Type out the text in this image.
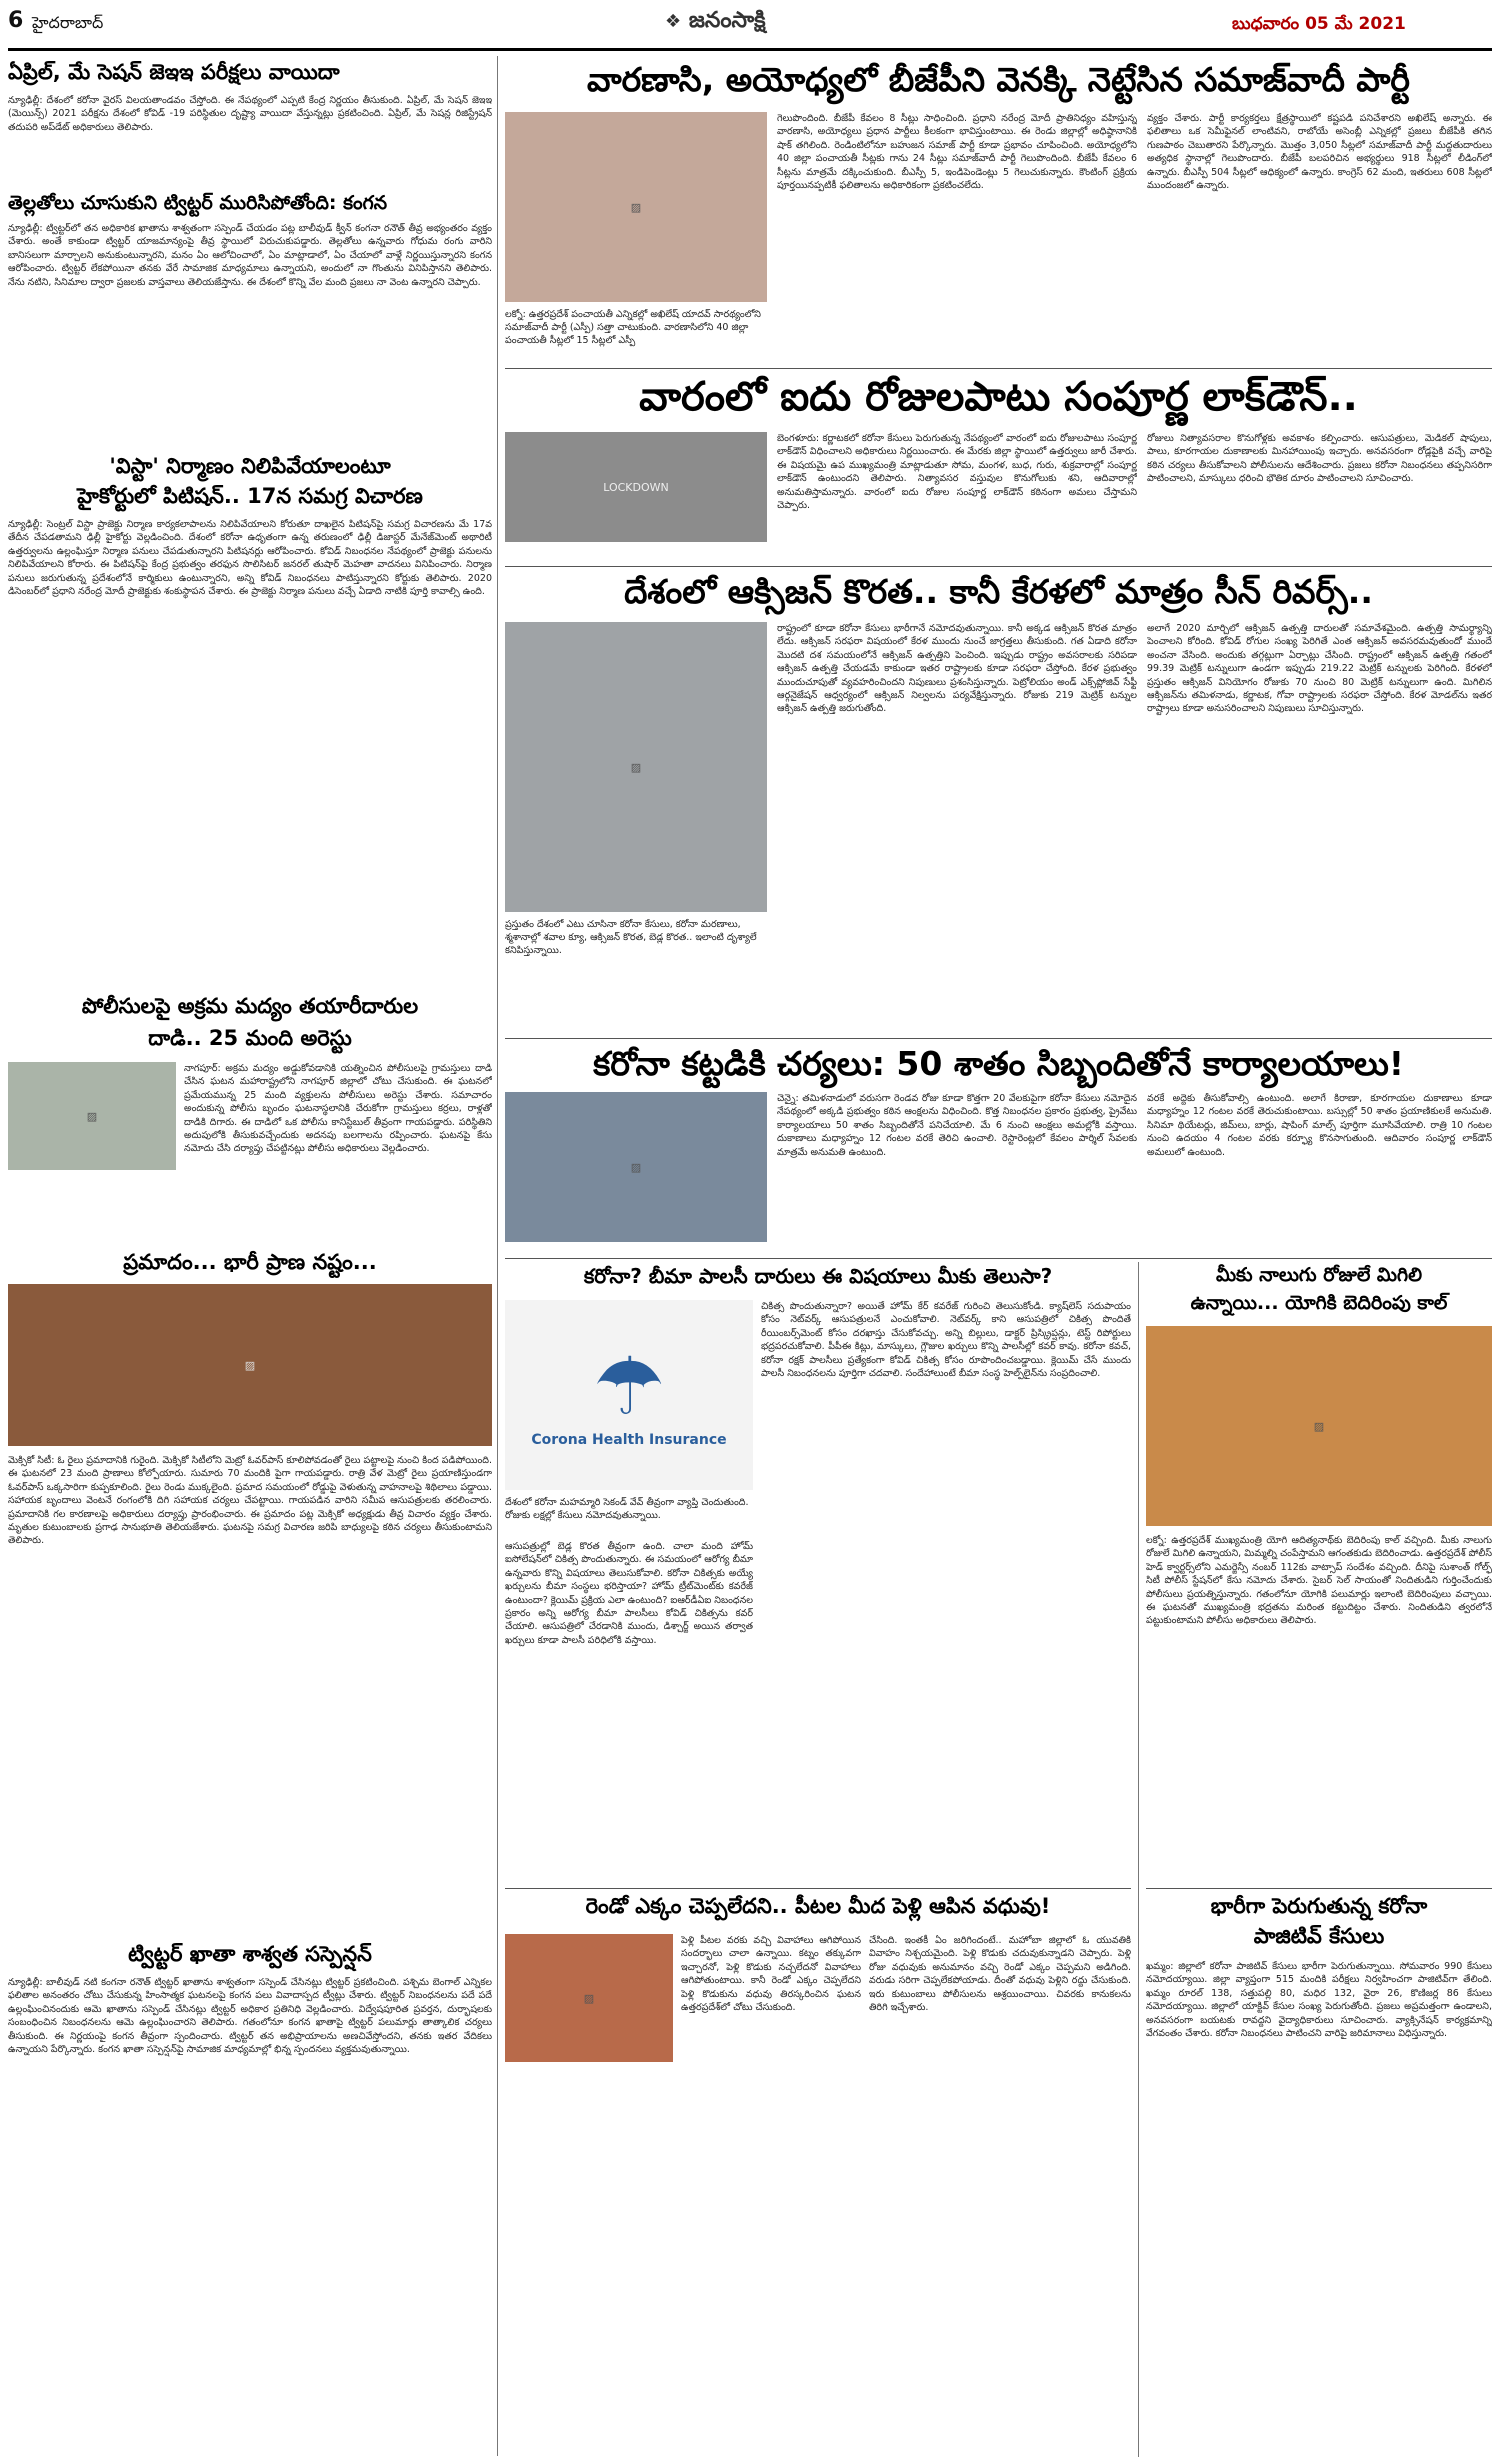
6 హైదరాబాద్	❖ జనంసాక్షి	బుధవారం 05 మే 2021
ఏప్రిల్‌, మే సెషన్‌ జెఇఇ పరీక్షలు వాయిదా
న్యూఢిల్లీ: దేశంలో కరోనా వైరస్‌ విలయతాండవం చేస్తోంది. ఈ నేపథ్యంలో ఎప్పటి కేంద్ర నిర్ణయం తీసుకుంది. ఏప్రిల్‌, మే సెషన్‌ జెఇఇ (మెయిన్స్‌) 2021 పరీక్షను దేశంలో కోవిడ్‌ -19 పరిస్థితుల దృష్ట్యా వాయిదా వేస్తున్నట్లు ప్రకటించింది. ఏప్రిల్‌, మే సెషన్ల రిజిస్ట్రేషన్ తదుపరి అప్‌డేట్‌ అధికారులు తెలిపారు.
తెల్లతోలు చూసుకుని ట్విట్టర్‌ మురిసిపోతోంది: కంగన
న్యూఢిల్లీ: ట్విట్టర్‌లో తన అధికారిక ఖాతాను శాశ్వతంగా సస్పెండ్‌ చేయడం పట్ల బాలీవుడ్‌ క్వీన్‌ కంగనా రనౌత్‌ తీవ్ర అభ్యంతరం వ్యక్తం చేశారు. అంతే కాకుండా ట్విట్టర్‌ యాజమాన్యంపై తీవ్ర స్థాయిలో విరుచుకుపడ్డారు. తెల్లతోలు ఉన్నవారు గోధుమ రంగు వారిని బానిసలుగా మార్చాలని అనుకుంటున్నారని, మనం ఏం ఆలోచించాలో, ఏం మాట్లాడాలో, ఏం చేయాలో వాళ్లే నిర్ణయిస్తున్నారని కంగన ఆరోపించారు. ట్విట్టర్‌ లేకపోయినా తనకు వేరే సామాజిక మాధ్యమాలు ఉన్నాయని, అందులో నా గొంతును వినిపిస్తానని తెలిపారు. నేను నటిని, సినిమాల ద్వారా ప్రజలకు వాస్తవాలు తెలియజేస్తాను. ఈ దేశంలో కొన్ని వేల మంది ప్రజలు నా వెంట ఉన్నారని చెప్పారు.
'విస్టా' నిర్మాణం నిలిపివేయాలంటూ
హైకోర్టులో పిటిషన్‌.. 17న సమగ్ర విచారణ
న్యూఢిల్లీ: సెంట్రల్‌ విస్టా ప్రాజెక్టు నిర్మాణ కార్యకలాపాలను నిలిపివేయాలని కోరుతూ దాఖలైన పిటిషన్‌పై సమగ్ర విచారణను మే 17వ తేదీన చేపడతామని ఢిల్లీ హైకోర్టు వెల్లడించింది. దేశంలో కరోనా ఉధృతంగా ఉన్న తరుణంలో ఢిల్లీ డిజాస్టర్‌ మేనేజ్‌మెంట్‌ అథారిటీ ఉత్తర్వులను ఉల్లంఘిస్తూ నిర్మాణ పనులు చేపడుతున్నారని పిటిషనర్లు ఆరోపించారు. కోవిడ్‌ నిబంధనల నేపథ్యంలో ప్రాజెక్టు పనులను నిలిపివేయాలని కోరారు. ఈ పిటిషన్‌పై కేంద్ర ప్రభుత్వం తరఫున సొలిసిటర్‌ జనరల్‌ తుషార్‌ మెహతా వాదనలు వినిపించారు. నిర్మాణ పనులు జరుగుతున్న ప్రదేశంలోనే కార్మికులు ఉంటున్నారని, అన్ని కోవిడ్‌ నిబంధనలు పాటిస్తున్నారని కోర్టుకు తెలిపారు. 2020 డిసెంబర్‌లో ప్రధాని నరేంద్ర మోదీ ప్రాజెక్టుకు శంకుస్థాపన చేశారు. ఈ ప్రాజెక్టు నిర్మాణ పనులు వచ్చే ఏడాది నాటికి పూర్తి కావాల్సి ఉంది.
పోలీసులపై అక్రమ మద్యం తయారీదారుల
దాడి.. 25 మంది అరెస్టు
▨
నాగపూర్‌: అక్రమ మద్యం అడ్డుకోవడానికి యత్నించిన పోలీసులపై గ్రామస్తులు దాడి చేసిన ఘటన మహారాష్ట్రలోని నాగపూర్‌ జిల్లాలో చోటు చేసుకుంది. ఈ ఘటనలో ప్రమేయమున్న 25 మంది వ్యక్తులను పోలీసులు అరెస్టు చేశారు. సమాచారం అందుకున్న పోలీసు బృందం ఘటనాస్థలానికి చేరుకోగా గ్రామస్తులు కర్రలు, రాళ్లతో దాడికి దిగారు. ఈ దాడిలో ఒక పోలీసు కానిస్టేబుల్‌ తీవ్రంగా గాయపడ్డారు. పరిస్థితిని అదుపులోకి తీసుకువచ్చేందుకు అదనపు బలగాలను రప్పించారు. ఘటనపై కేసు నమోదు చేసి దర్యాప్తు చేపట్టినట్లు పోలీసు అధికారులు వెల్లడించారు.
ప్రమాదం... భారీ ప్రాణ నష్టం...
▨
మెక్సికో సిటీ: ఓ రైలు ప్రమాదానికి గురైంది. మెక్సికో సిటీలోని మెట్రో ఓవర్‌పాస్‌ కూలిపోవడంతో రైలు పట్టాలపై నుంచి కింద పడిపోయింది. ఈ ఘటనలో 23 మంది ప్రాణాలు కోల్పోయారు. సుమారు 70 మందికి పైగా గాయపడ్డారు. రాత్రి వేళ మెట్రో రైలు ప్రయాణిస్తుండగా ఓవర్‌పాస్‌ ఒక్కసారిగా కుప్పకూలింది. రైలు రెండు ముక్కలైంది. ప్రమాద సమయంలో రోడ్డుపై వెళుతున్న వాహనాలపై శిథిలాలు పడ్డాయి. సహాయక బృందాలు వెంటనే రంగంలోకి దిగి సహాయక చర్యలు చేపట్టాయి. గాయపడిన వారిని సమీప ఆసుపత్రులకు తరలించారు. ప్రమాదానికి గల కారణాలపై అధికారులు దర్యాప్తు ప్రారంభించారు. ఈ ప్రమాదం పట్ల మెక్సికో అధ్యక్షుడు తీవ్ర విచారం వ్యక్తం చేశారు. మృతుల కుటుంబాలకు ప్రగాఢ సానుభూతి తెలియజేశారు. ఘటనపై సమగ్ర విచారణ జరిపి బాధ్యులపై కఠిన చర్యలు తీసుకుంటామని తెలిపారు.
ట్విట్టర్‌ ఖాతా శాశ్వత సస్పెన్షన్‌
న్యూఢిల్లీ: బాలీవుడ్‌ నటి కంగనా రనౌత్‌ ట్విట్టర్‌ ఖాతాను శాశ్వతంగా సస్పెండ్‌ చేసినట్లు ట్విట్టర్‌ ప్రకటించింది. పశ్చిమ బెంగాల్‌ ఎన్నికల ఫలితాల అనంతరం చోటు చేసుకున్న హింసాత్మక ఘటనలపై కంగన పలు వివాదాస్పద ట్వీట్లు చేశారు. ట్విట్టర్‌ నిబంధనలను పదే పదే ఉల్లంఘించినందుకు ఆమె ఖాతాను సస్పెండ్‌ చేసినట్లు ట్విట్టర్‌ అధికార ప్రతినిధి వెల్లడించారు. విద్వేషపూరిత ప్రవర్తన, దుర్భాషలకు సంబంధించిన నిబంధనలను ఆమె ఉల్లంఘించారని తెలిపారు. గతంలోనూ కంగన ఖాతాపై ట్విట్టర్‌ పలుమార్లు తాత్కాలిక చర్యలు తీసుకుంది. ఈ నిర్ణయంపై కంగన తీవ్రంగా స్పందించారు. ట్విట్టర్‌ తన అభిప్రాయాలను అణచివేస్తోందని, తనకు ఇతర వేదికలు ఉన్నాయని పేర్కొన్నారు. కంగన ఖాతా సస్పెన్షన్‌పై సామాజిక మాధ్యమాల్లో భిన్న స్పందనలు వ్యక్తమవుతున్నాయి.
వారణాసి, అయోధ్యలో బీజేపీని వెనక్కి నెట్టేసిన సమాజ్‌వాదీ పార్టీ
▨
లక్నో: ఉత్తరప్రదేశ్‌ పంచాయతీ ఎన్నికల్లో అఖిలేష్‌ యాదవ్‌ సారథ్యంలోని సమాజ్‌వాదీ పార్టీ (ఎస్పీ) సత్తా చాటుకుంది. వారణాసిలోని 40 జిల్లా పంచాయతీ సీట్లలో 15 సీట్లలో ఎస్పీ
గెలుపొందింది. బీజేపీ కేవలం 8 సీట్లు సాధించింది. ప్రధాని నరేంద్ర మోదీ ప్రాతినిధ్యం వహిస్తున్న వారణాసి, అయోధ్యలు ప్రధాన పార్టీలు కీలకంగా భావిస్తుంటాయి. ఈ రెండు జిల్లాల్లో అధిష్ఠానానికి షాక్‌ తగిలింది. రెండింటిలోనూ బహుజన సమాజ్‌ పార్టీ కూడా ప్రభావం చూపించింది. అయోధ్యలోని 40 జిల్లా పంచాయతీ సీట్లకు గాను 24 సీట్లు సమాజ్‌వాదీ పార్టీ గెలుపొందింది. బీజేపీ కేవలం 6 సీట్లను మాత్రమే దక్కించుకుంది. బీఎస్పీ 5, ఇండిపెండెంట్లు 5 గెలుచుకున్నారు. కౌంటింగ్‌ ప్రక్రియ పూర్తయినప్పటికీ ఫలితాలను అధికారికంగా ప్రకటించలేదు.
వ్యక్తం చేశారు. పార్టీ కార్యకర్తలు క్షేత్రస్థాయిలో కష్టపడి పనిచేశారని అఖిలేష్‌ అన్నారు. ఈ ఫలితాలు ఒక సెమీఫైనల్‌ లాంటివని, రాబోయే అసెంబ్లీ ఎన్నికల్లో ప్రజలు బీజేపీకి తగిన గుణపాఠం చెబుతారని పేర్కొన్నారు. మొత్తం 3,050 సీట్లలో సమాజ్‌వాదీ పార్టీ మద్దతుదారులు అత్యధిక స్థానాల్లో గెలుపొందారు. బీజేపీ బలపరిచిన అభ్యర్థులు 918 సీట్లలో లీడింగ్‌లో ఉన్నారు. బీఎస్పీ 504 సీట్లలో ఆధిక్యంలో ఉన్నారు. కాంగ్రెస్‌ 62 మంది, ఇతరులు 608 సీట్లలో ముందంజలో ఉన్నారు.
వారంలో ఐదు రోజులపాటు సంపూర్ణ లాక్‌డౌన్‌..
LOCKDOWN
బెంగళూరు: కర్ణాటకలో కరోనా కేసులు పెరుగుతున్న నేపథ్యంలో వారంలో ఐదు రోజులపాటు సంపూర్ణ లాక్‌డౌన్‌ విధించాలని అధికారులు నిర్ణయించారు. ఈ మేరకు జిల్లా స్థాయిలో ఉత్తర్వులు జారీ చేశారు. ఈ విషయమై ఉప ముఖ్యమంత్రి మాట్లాడుతూ సోమ, మంగళ, బుధ, గురు, శుక్రవారాల్లో సంపూర్ణ లాక్‌డౌన్‌ ఉంటుందని తెలిపారు. నిత్యావసర వస్తువుల కొనుగోలుకు శని, ఆదివారాల్లో అనుమతిస్తామన్నారు. వారంలో ఐదు రోజుల సంపూర్ణ లాక్‌డౌన్‌ కఠినంగా అమలు చేస్తామని చెప్పారు.
రోజులు నిత్యావసరాల కొనుగోళ్లకు అవకాశం కల్పించారు. ఆసుపత్రులు, మెడికల్‌ షాపులు, పాలు, కూరగాయల దుకాణాలకు మినహాయింపు ఇచ్చారు. అనవసరంగా రోడ్లపైకి వచ్చే వారిపై కఠిన చర్యలు తీసుకోవాలని పోలీసులను ఆదేశించారు. ప్రజలు కరోనా నిబంధనలు తప్పనిసరిగా పాటించాలని, మాస్కులు ధరించి భౌతిక దూరం పాటించాలని సూచించారు.
దేశంలో ఆక్సిజన్‌ కొరత.. కానీ కేరళలో మాత్రం సీన్‌ రివర్స్‌..
▨
ప్రస్తుతం దేశంలో ఎటు చూసినా కరోనా కేసులు, కరోనా మరణాలు, శ్మశానాల్లో శవాల క్యూ, ఆక్సిజన్‌ కొరత, బెడ్ల కొరత.. ఇలాంటి దృశ్యాలే కనిపిస్తున్నాయి.
రాష్ట్రంలో కూడా కరోనా కేసులు భారీగానే నమోదవుతున్నాయి. కానీ అక్కడ ఆక్సిజన్‌ కొరత మాత్రం లేదు. ఆక్సిజన్‌ సరఫరా విషయంలో కేరళ ముందు నుంచే జాగ్రత్తలు తీసుకుంది. గత ఏడాది కరోనా మొదటి దశ సమయంలోనే ఆక్సిజన్‌ ఉత్పత్తిని పెంచింది. ఇప్పుడు రాష్ట్రం అవసరాలకు సరిపడా ఆక్సిజన్‌ ఉత్పత్తి చేయడమే కాకుండా ఇతర రాష్ట్రాలకు కూడా సరఫరా చేస్తోంది. కేరళ ప్రభుత్వం ముందుచూపుతో వ్యవహరించిందని నిపుణులు ప్రశంసిస్తున్నారు. పెట్రోలియం అండ్‌ ఎక్స్‌ప్లోజివ్‌ సేఫ్టీ ఆర్గనైజేషన్‌ ఆధ్వర్యంలో ఆక్సిజన్‌ నిల్వలను పర్యవేక్షిస్తున్నారు. రోజుకు 219 మెట్రిక్‌ టన్నుల ఆక్సిజన్‌ ఉత్పత్తి జరుగుతోంది.
అలాగే 2020 మార్చిలో ఆక్సిజన్‌ ఉత్పత్తి దారులతో సమావేశమైంది. ఉత్పత్తి సామర్థ్యాన్ని పెంచాలని కోరింది. కోవిడ్‌ రోగుల సంఖ్య పెరిగితే ఎంత ఆక్సిజన్‌ అవసరమవుతుందో ముందే అంచనా వేసింది. అందుకు తగ్గట్లుగా ఏర్పాట్లు చేసింది. రాష్ట్రంలో ఆక్సిజన్‌ ఉత్పత్తి గతంలో 99.39 మెట్రిక్‌ టన్నులుగా ఉండగా ఇప్పుడు 219.22 మెట్రిక్‌ టన్నులకు పెరిగింది. కేరళలో ప్రస్తుతం ఆక్సిజన్‌ వినియోగం రోజుకు 70 నుంచి 80 మెట్రిక్‌ టన్నులుగా ఉంది. మిగిలిన ఆక్సిజన్‌ను తమిళనాడు, కర్ణాటక, గోవా రాష్ట్రాలకు సరఫరా చేస్తోంది. కేరళ మోడల్‌ను ఇతర రాష్ట్రాలు కూడా అనుసరించాలని నిపుణులు సూచిస్తున్నారు.
కరోనా కట్టడికి చర్యలు: 50 శాతం సిబ్బందితోనే కార్యాలయాలు!
▨
చెన్నై: తమిళనాడులో వరుసగా రెండవ రోజు కూడా కొత్తగా 20 వేలకుపైగా కరోనా కేసులు నమోదైన నేపథ్యంలో అక్కడి ప్రభుత్వం కఠిన ఆంక్షలను విధించింది. కొత్త నిబంధనల ప్రకారం ప్రభుత్వ, ప్రైవేటు కార్యాలయాలు 50 శాతం సిబ్బందితోనే పనిచేయాలి. మే 6 నుంచి ఆంక్షలు అమల్లోకి వస్తాయి. దుకాణాలు మధ్యాహ్నం 12 గంటల వరకే తెరిచి ఉంచాలి. రెస్టారెంట్లలో కేవలం పార్శిల్‌ సేవలకు మాత్రమే అనుమతి ఉంటుంది.
వరకే అద్దెకు తీసుకోవాల్సి ఉంటుంది. అలాగే కిరాణా, కూరగాయల దుకాణాలు కూడా మధ్యాహ్నం 12 గంటల వరకే తెరుచుకుంటాయి. బస్సుల్లో 50 శాతం ప్రయాణికులకే అనుమతి. సినిమా థియేటర్లు, జిమ్‌లు, బార్లు, షాపింగ్‌ మాల్స్‌ పూర్తిగా మూసివేయాలి. రాత్రి 10 గంటల నుంచి ఉదయం 4 గంటల వరకు కర్ఫ్యూ కొనసాగుతుంది. ఆదివారం సంపూర్ణ లాక్‌డౌన్‌ అమలులో ఉంటుంది.
కరోనా? బీమా పాలసీ దారులు ఈ విషయాలు మీకు తెలుసా?
☂
Corona Health Insurance
దేశంలో కరోనా మహమ్మారి సెకండ్‌ వేవ్‌ తీవ్రంగా వ్యాప్తి చెందుతుంది. రోజుకు లక్షల్లో కేసులు నమోదవుతున్నాయి.
ఆసుపత్రుల్లో బెడ్ల కొరత తీవ్రంగా ఉంది. చాలా మంది హోమ్‌ ఐసోలేషన్‌లో చికిత్స పొందుతున్నారు. ఈ సమయంలో ఆరోగ్య బీమా ఉన్నవారు కొన్ని విషయాలు తెలుసుకోవాలి. కరోనా చికిత్సకు అయ్యే ఖర్చులను బీమా సంస్థలు భరిస్తాయా? హోమ్‌ ట్రీట్‌మెంట్‌కు కవరేజ్‌ ఉంటుందా? క్లెయిమ్‌ ప్రక్రియ ఎలా ఉంటుంది? ఐఆర్‌డీఏఐ నిబంధనల ప్రకారం అన్ని ఆరోగ్య బీమా పాలసీలు కోవిడ్‌ చికిత్సను కవర్‌ చేయాలి. ఆసుపత్రిలో చేరడానికి ముందు, డిశ్చార్జ్‌ అయిన తర్వాత ఖర్చులు కూడా పాలసీ పరిధిలోకి వస్తాయి.
చికిత్స పొందుతున్నారా? అయితే హోమ్‌ కేర్‌ కవరేజ్‌ గురించి తెలుసుకోండి. క్యాష్‌లెస్‌ సదుపాయం కోసం నెట్‌వర్క్‌ ఆసుపత్రులనే ఎంచుకోవాలి. నెట్‌వర్క్‌ కాని ఆసుపత్రిలో చికిత్స పొందితే రీయింబర్స్‌మెంట్‌ కోసం దరఖాస్తు చేసుకోవచ్చు. అన్ని బిల్లులు, డాక్టర్‌ ప్రిస్క్రిప్షన్లు, టెస్ట్‌ రిపోర్టులు భద్రపరచుకోవాలి. పీపీఈ కిట్లు, మాస్కులు, గ్లౌజుల ఖర్చులు కొన్ని పాలసీల్లో కవర్‌ కావు. కరోనా కవచ్‌, కరోనా రక్షక్‌ పాలసీలు ప్రత్యేకంగా కోవిడ్‌ చికిత్స కోసం రూపొందించబడ్డాయి. క్లెయిమ్‌ చేసే ముందు పాలసీ నిబంధనలను పూర్తిగా చదవాలి. సందేహాలుంటే బీమా సంస్థ హెల్ప్‌లైన్‌ను సంప్రదించాలి.
రెండో ఎక్కం చెప్పలేదని.. పీటల మీద పెళ్లి ఆపిన వధువు!
▨
పెళ్లి పీటల వరకు వచ్చి వివాహాలు ఆగిపోయిన సందర్భాలు చాలా ఉన్నాయి. కట్నం తక్కువగా ఇచ్చారనో, పెళ్లి కొడుకు నచ్చలేదనో వివాహాలు ఆగిపోతుంటాయి. కానీ రెండో ఎక్కం చెప్పలేదని పెళ్లి కొడుకును వధువు తిరస్కరించిన ఘటన ఉత్తరప్రదేశ్‌లో చోటు చేసుకుంది.
చేసింది. ఇంతకీ ఏం జరిగిందంటే.. మహోబా జిల్లాలో ఓ యువతికి వివాహం నిశ్చయమైంది. పెళ్లి కొడుకు చదువుకున్నాడని చెప్పారు. పెళ్లి రోజు వధువుకు అనుమానం వచ్చి రెండో ఎక్కం చెప్పమని అడిగింది. వరుడు సరిగా చెప్పలేకపోయాడు. దీంతో వధువు పెళ్లిని రద్దు చేసుకుంది. ఇరు కుటుంబాలు పోలీసులను ఆశ్రయించాయి. చివరకు కానుకలను తిరిగి ఇచ్చేశారు.
మీకు నాలుగు రోజులే మిగిలి
ఉన్నాయి... యోగికి బెదిరింపు కాల్‌
▨
లక్నో: ఉత్తరప్రదేశ్‌ ముఖ్యమంత్రి యోగి ఆదిత్యనాథ్‌కు బెదిరింపు కాల్‌ వచ్చింది. మీకు నాలుగు రోజులే మిగిలి ఉన్నాయని, మిమ్మల్ని చంపేస్తామని ఆగంతకుడు బెదిరించాడు. ఉత్తరప్రదేశ్‌ పోలీస్‌ హెడ్‌ క్వార్టర్స్‌లోని ఎమర్జెన్సీ నంబర్‌ 112కు వాట్సాప్‌ సందేశం వచ్చింది. దీనిపై సుశాంత్‌ గోల్ఫ్‌ సిటీ పోలీస్‌ స్టేషన్‌లో కేసు నమోదు చేశారు. సైబర్‌ సెల్‌ సాయంతో నిందితుడిని గుర్తించేందుకు పోలీసులు ప్రయత్నిస్తున్నారు. గతంలోనూ యోగికి పలుమార్లు ఇలాంటి బెదిరింపులు వచ్చాయి. ఈ ఘటనతో ముఖ్యమంత్రి భద్రతను మరింత కట్టుదిట్టం చేశారు. నిందితుడిని త్వరలోనే పట్టుకుంటామని పోలీసు అధికారులు తెలిపారు.
భారీగా పెరుగుతున్న కరోనా
పాజిటివ్‌ కేసులు
ఖమ్మం: జిల్లాలో కరోనా పాజిటివ్‌ కేసులు భారీగా పెరుగుతున్నాయి. సోమవారం 990 కేసులు నమోదయ్యాయి. జిల్లా వ్యాప్తంగా 515 మందికి పరీక్షలు నిర్వహించగా పాజిటివ్‌గా తేలింది. ఖమ్మం రూరల్‌ 138, సత్తుపల్లి 80, మధిర 132, వైరా 26, కొణిజర్ల 86 కేసులు నమోదయ్యాయి. జిల్లాలో యాక్టివ్‌ కేసుల సంఖ్య పెరుగుతోంది. ప్రజలు అప్రమత్తంగా ఉండాలని, అనవసరంగా బయటకు రావద్దని వైద్యాధికారులు సూచించారు. వ్యాక్సినేషన్‌ కార్యక్రమాన్ని వేగవంతం చేశారు. కరోనా నిబంధనలు పాటించని వారిపై జరిమానాలు విధిస్తున్నారు.
